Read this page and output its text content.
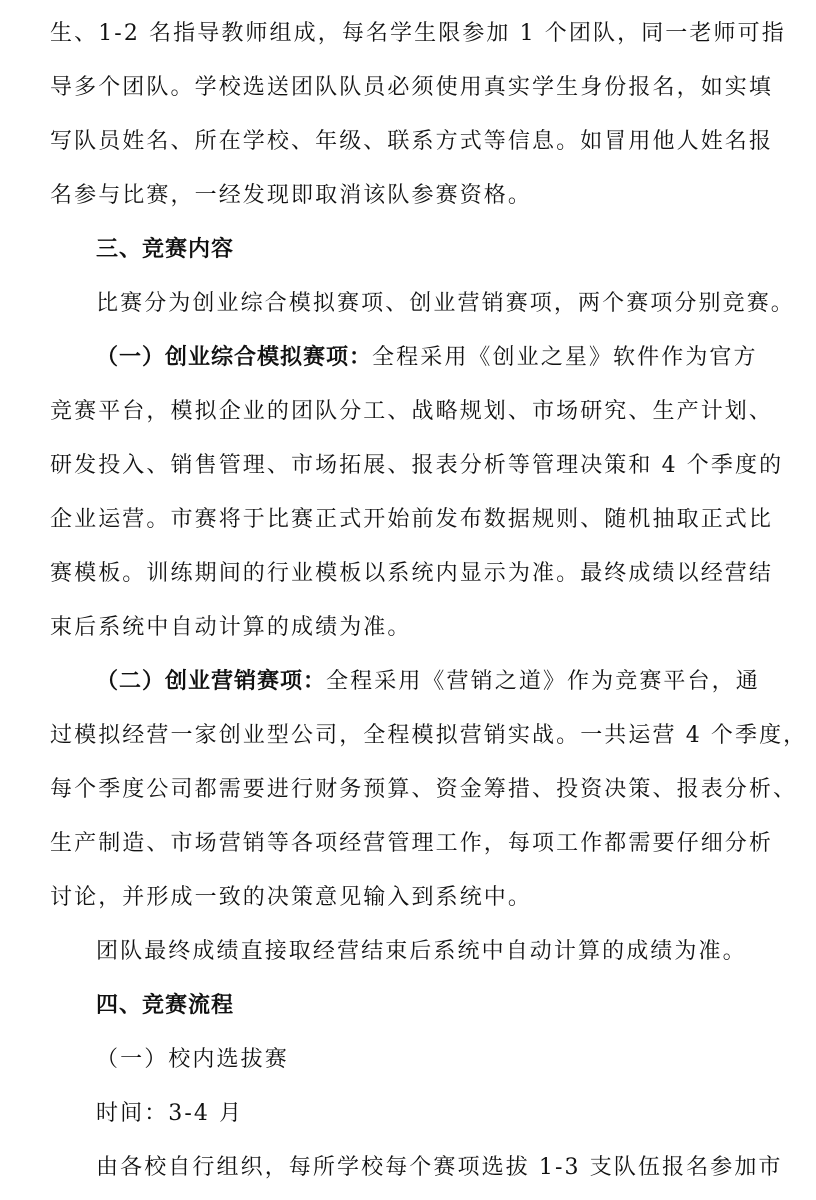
生、1-2 名指导教师组成，每名学生限参加 1 个团队，同一老师可指
导多个团队。学校选送团队队员必须使用真实学生身份报名，如实填
写队员姓名、所在学校、年级、联系方式等信息。如冒用他人姓名报
名参与比赛，一经发现即取消该队参赛资格。
三、竞赛内容
比赛分为创业综合模拟赛项、创业营销赛项，两个赛项分别竞赛。
（一）创业综合模拟赛项：全程采用《创业之星》软件作为官方
竞赛平台，模拟企业的团队分工、战略规划、市场研究、生产计划、
研发投入、销售管理、市场拓展、报表分析等管理决策和 4 个季度的
企业运营。市赛将于比赛正式开始前发布数据规则、随机抽取正式比
赛模板。训练期间的行业模板以系统内显示为准。最终成绩以经营结
束后系统中自动计算的成绩为准。
（二）创业营销赛项：全程采用《营销之道》作为竞赛平台，通
过模拟经营一家创业型公司，全程模拟营销实战。一共运营 4 个季度，
每个季度公司都需要进行财务预算、资金筹措、投资决策、报表分析、
生产制造、市场营销等各项经营管理工作，每项工作都需要仔细分析
讨论，并形成一致的决策意见输入到系统中。
团队最终成绩直接取经营结束后系统中自动计算的成绩为准。
四、竞赛流程
（一）校内选拔赛
时间：3-4 月
由各校自行组织，每所学校每个赛项选拔 1-3 支队伍报名参加市
